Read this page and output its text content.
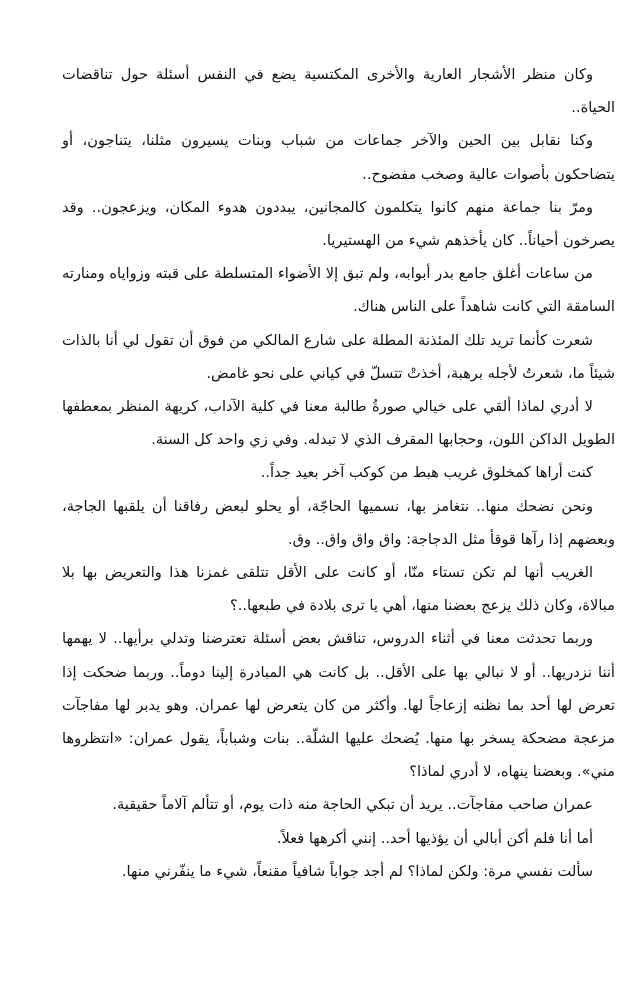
وكان منظر الأشجار العارية والأخرى المكتسية يضع في النفس أسئلة حول تناقضات الحياة..

وكنا نقابل بين الحين والآخر جماعات من شباب وبنات يسيرون مثلنا، يتناجون، أو يتضاحكون بأصوات عالية وصخب مفضوح..

ومرّ بنا جماعة منهم كانوا يتكلمون كالمجانين، يبددون هدوء المكان، ويزعجون.. وقد يصرخون أحياناً.. كان يأخذهم شيء من الهستيريا.

من ساعات أغلق جامع بدر أبوابه، ولم تبق إلا الأضواء المتسلطة على قبته وزواياه ومنارته السامقة التي كانت شاهداً على الناس هناك.

شعرت كأنما تريد تلك المئذنة المطلة على شارع المالكي من فوق أن تقول لي أنا بالذات شيئاً ما، شعرتُ لأجله برهبة، أخذتْ تتسلّ في كياني على نحو غامض.

لا أدري لماذا ألقي على خيالي صورةُ طالبة معنا في كلية الآداب، كريهة المنظر بمعطفها الطويل الداكن اللون، وحجابها المقرف الذي لا تبدله. وفي زي واحد كل السنة.

كنت أراها كمخلوق غريب هبط من كوكب آخر بعيد جداً..

ونحن نضحك منها.. نتغامز بها، نسميها الحاجّة، أو يحلو لبعض رفاقنا أن يلقبها الجاجة، وبعضهم إذا رآها قوقأ مثل الدجاجة: واق واق واق.. وق.

الغريب أنها لم تكن تستاء منّا، أو كانت على الأقل تتلقى غمزنا هذا والتعريض بها بلا مبالاة، وكان ذلك يزعج بعضنا منها، أهي يا ترى بلادة في طبعها..؟

وربما تحدثت معنا في أثناء الدروس، تناقش بعض أسئلة تعترضنا وتدلي برأيها.. لا يهمها أننا نزدريها.. أو لا نبالي بها على الأقل.. بل كانت هي المبادرة إلينا دوماً.. وربما ضحكت إذا تعرض لها أحد بما نظنه إزعاجاً لها. وأكثر من كان يتعرض لها عمران. وهو يدبر لها مفاجآت مزعجة مضحكة يسخر بها منها. يُضحك عليها الشلّة.. بنات وشباباً، يقول عمران: «انتظروها مني». وبعضنا ينهاه، لا أدري لماذا؟

عمران صاحب مفاجآت.. يريد أن تبكي الحاجة منه ذات يوم، أو تتألم آلاماً حقيقية.

أما أنا فلم أكن أبالي أن يؤذيها أحد.. إنني أكرهها فعلاً.

سألت نفسي مرة: ولكن لماذا؟ لم أجد جواباً شافياً مقنعاً، شيء ما ينفّرني منها.
